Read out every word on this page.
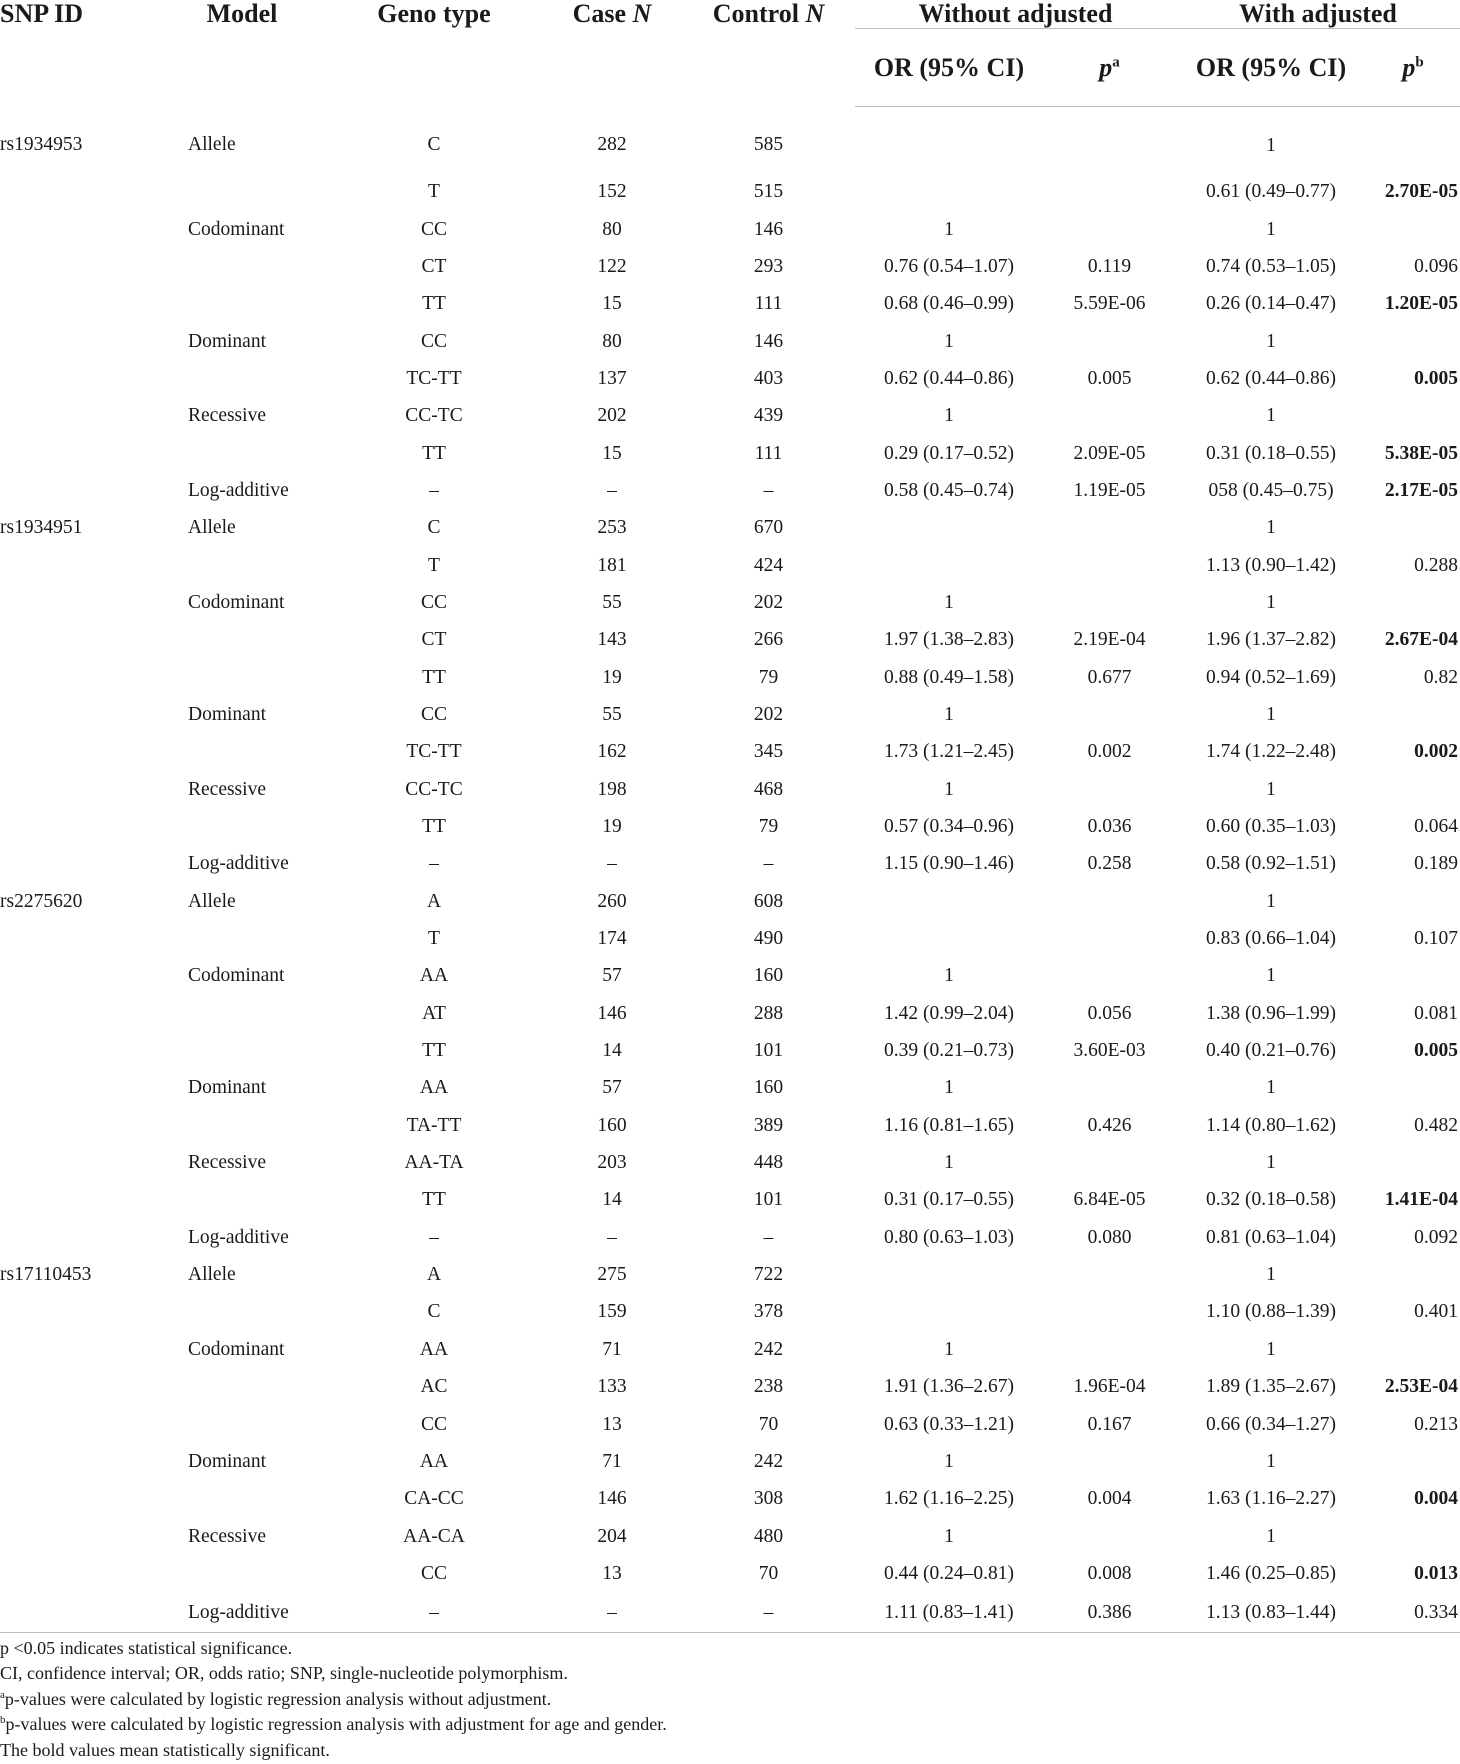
SNP ID	Model	Geno type	Case N	Control N	Without adjusted		With adjusted	
					OR (95% CI)	$p^a$	OR (95% CI)	$p^b$
rs1934953	Allele	C	282	585			1	
		T	152	515			0.61 (0.49–0.77)	2.70E-05
	Codominant	CC	80	146	1		1	
		CT	122	293	0.76 (0.54–1.07)	0.119	0.74 (0.53–1.05)	0.096
		TT	15	111	0.68 (0.46–0.99)	5.59E-06	0.26 (0.14–0.47)	1.20E-05
	Dominant	CC	80	146	1		1	
		TC-TT	137	403	0.62 (0.44–0.86)	0.005	0.62 (0.44–0.86)	0.005
	Recessive	CC-TC	202	439	1		1	
		TT	15	111	0.29 (0.17–0.52)	2.09E-05	0.31 (0.18–0.55)	5.38E-05
	Log-additive	–	–	–	0.58 (0.45–0.74)	1.19E-05	058 (0.45–0.75)	2.17E-05
rs1934951	Allele	C	253	670			1	
		T	181	424			1.13 (0.90–1.42)	0.288
	Codominant	CC	55	202	1		1	
		CT	143	266	1.97 (1.38–2.83)	2.19E-04	1.96 (1.37–2.82)	2.67E-04
		TT	19	79	0.88 (0.49–1.58)	0.677	0.94 (0.52–1.69)	0.82
	Dominant	CC	55	202	1		1	
		TC-TT	162	345	1.73 (1.21–2.45)	0.002	1.74 (1.22–2.48)	0.002
	Recessive	CC-TC	198	468	1		1	
		TT	19	79	0.57 (0.34–0.96)	0.036	0.60 (0.35–1.03)	0.064
	Log-additive	–	–	–	1.15 (0.90–1.46)	0.258	0.58 (0.92–1.51)	0.189
rs2275620	Allele	A	260	608			1	
		T	174	490			0.83 (0.66–1.04)	0.107
	Codominant	AA	57	160	1		1	
		AT	146	288	1.42 (0.99–2.04)	0.056	1.38 (0.96–1.99)	0.081
		TT	14	101	0.39 (0.21–0.73)	3.60E-03	0.40 (0.21–0.76)	0.005
	Dominant	AA	57	160	1		1	
		TA-TT	160	389	1.16 (0.81–1.65)	0.426	1.14 (0.80–1.62)	0.482
	Recessive	AA-TA	203	448	1		1	
		TT	14	101	0.31 (0.17–0.55)	6.84E-05	0.32 (0.18–0.58)	1.41E-04
	Log-additive	–	–	–	0.80 (0.63–1.03)	0.080	0.81 (0.63–1.04)	0.092
rs17110453	Allele	A	275	722			1	
		C	159	378			1.10 (0.88–1.39)	0.401
	Codominant	AA	71	242	1		1	
		AC	133	238	1.91 (1.36–2.67)	1.96E-04	1.89 (1.35–2.67)	2.53E-04
		CC	13	70	0.63 (0.33–1.21)	0.167	0.66 (0.34–1.27)	0.213
	Dominant	AA	71	242	1		1	
		CA-CC	146	308	1.62 (1.16–2.25)	0.004	1.63 (1.16–2.27)	0.004
	Recessive	AA-CA	204	480	1		1	
		CC	13	70	0.44 (0.24–0.81)	0.008	1.46 (0.25–0.85)	0.013
	Log-additive	–	–	–	1.11 (0.83–1.41)	0.386	1.13 (0.83–1.44)	0.334
p <0.05 indicates statistical significance.
CI, confidence interval; OR, odds ratio; SNP, single-nucleotide polymorphism.
$^a$p-values were calculated by logistic regression analysis without adjustment.
$^b$p-values were calculated by logistic regression analysis with adjustment for age and gender.
The bold values mean statistically significant.
